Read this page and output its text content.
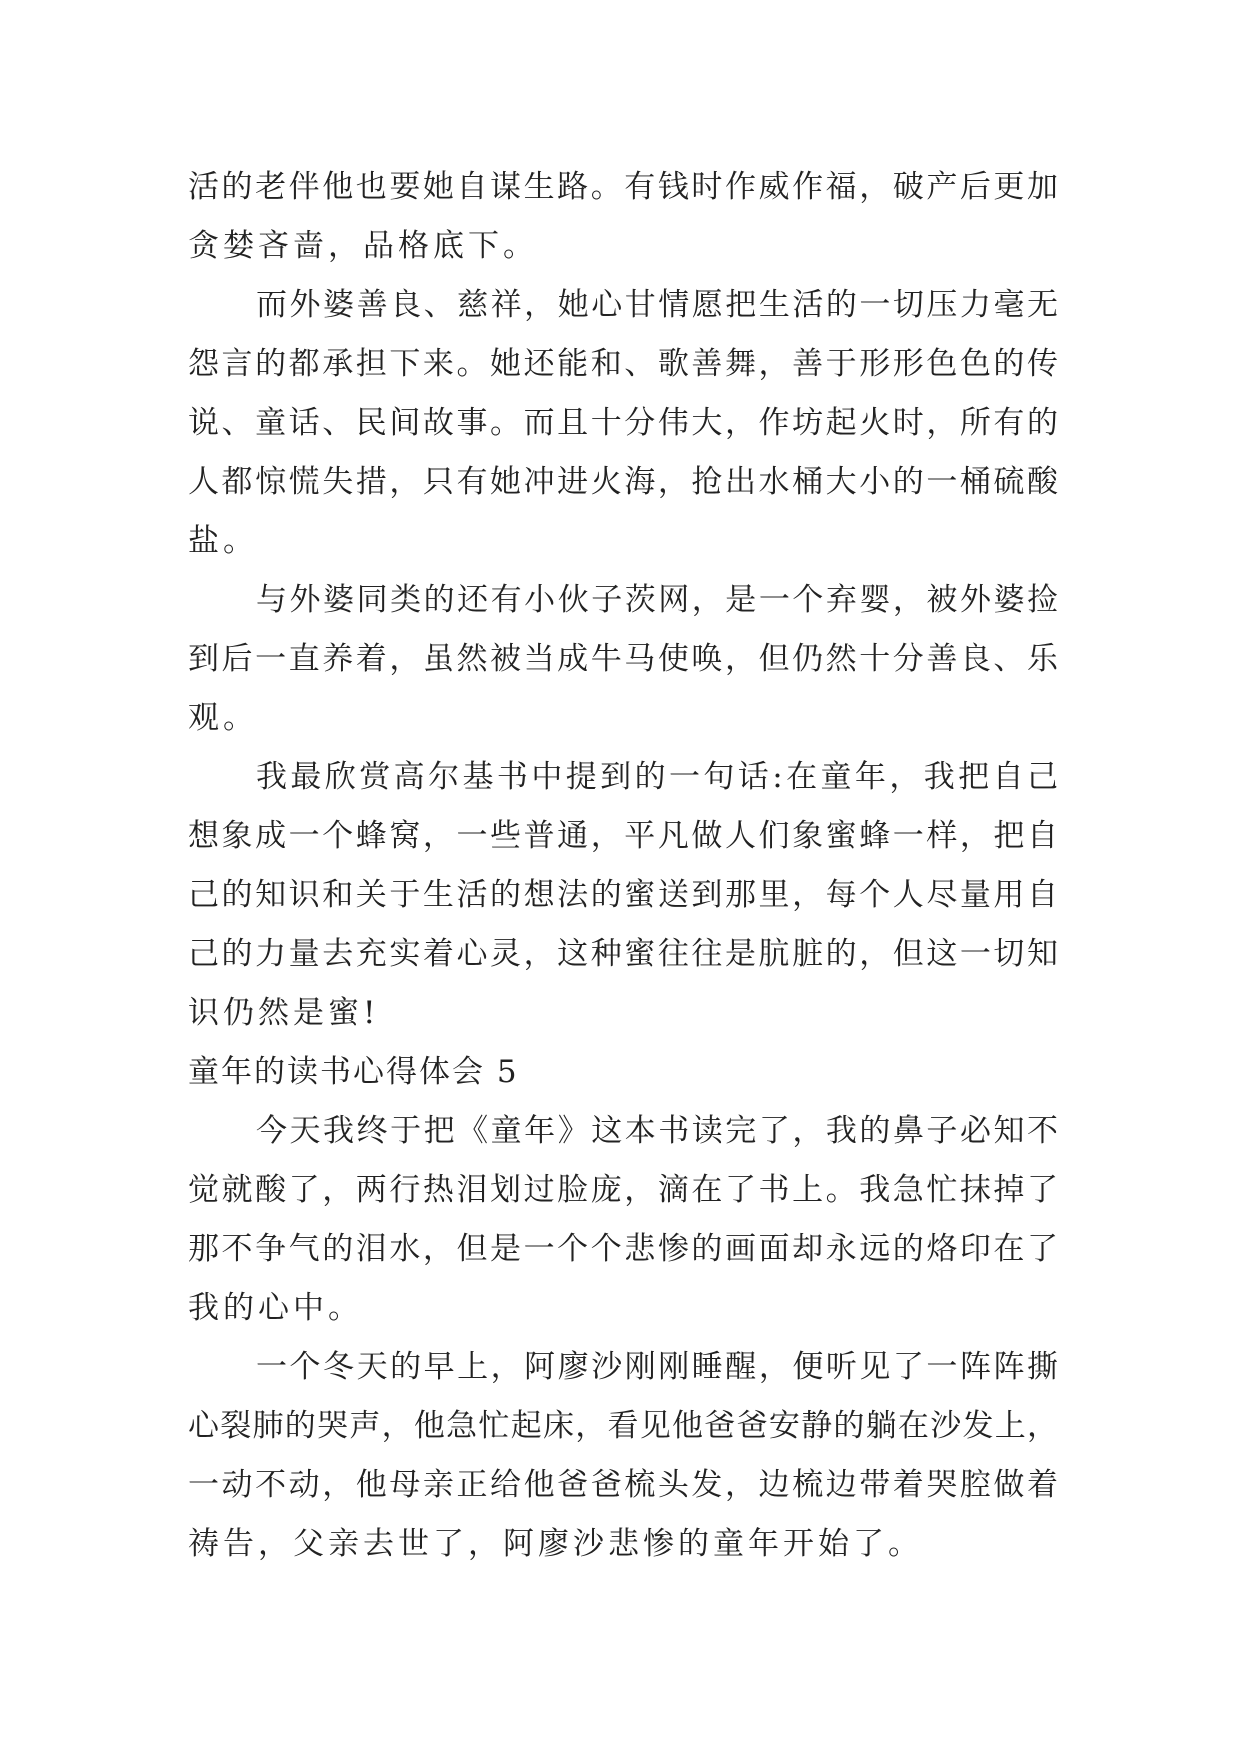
活的老伴他也要她自谋生路。有钱时作威作福，破产后更加
贪婪吝啬，品格底下。
而外婆善良、慈祥，她心甘情愿把生活的一切压力毫无
怨言的都承担下来。她还能和、歌善舞，善于形形色色的传
说、童话、民间故事。而且十分伟大，作坊起火时，所有的
人都惊慌失措，只有她冲进火海，抢出水桶大小的一桶硫酸
盐。
与外婆同类的还有小伙子茨网，是一个弃婴，被外婆捡
到后一直养着，虽然被当成牛马使唤，但仍然十分善良、乐
观。
我最欣赏高尔基书中提到的一句话:在童年，我把自己
想象成一个蜂窝，一些普通，平凡做人们象蜜蜂一样，把自
己的知识和关于生活的想法的蜜送到那里，每个人尽量用自
己的力量去充实着心灵，这种蜜往往是肮脏的，但这一切知
识仍然是蜜!
童年的读书心得体会 5
今天我终于把《童年》这本书读完了，我的鼻子必知不
觉就酸了，两行热泪划过脸庞，滴在了书上。我急忙抹掉了
那不争气的泪水，但是一个个悲惨的画面却永远的烙印在了
我的心中。
一个冬天的早上，阿廖沙刚刚睡醒，便听见了一阵阵撕
心裂肺的哭声，他急忙起床，看见他爸爸安静的躺在沙发上，
一动不动，他母亲正给他爸爸梳头发，边梳边带着哭腔做着
祷告，父亲去世了，阿廖沙悲惨的童年开始了。
